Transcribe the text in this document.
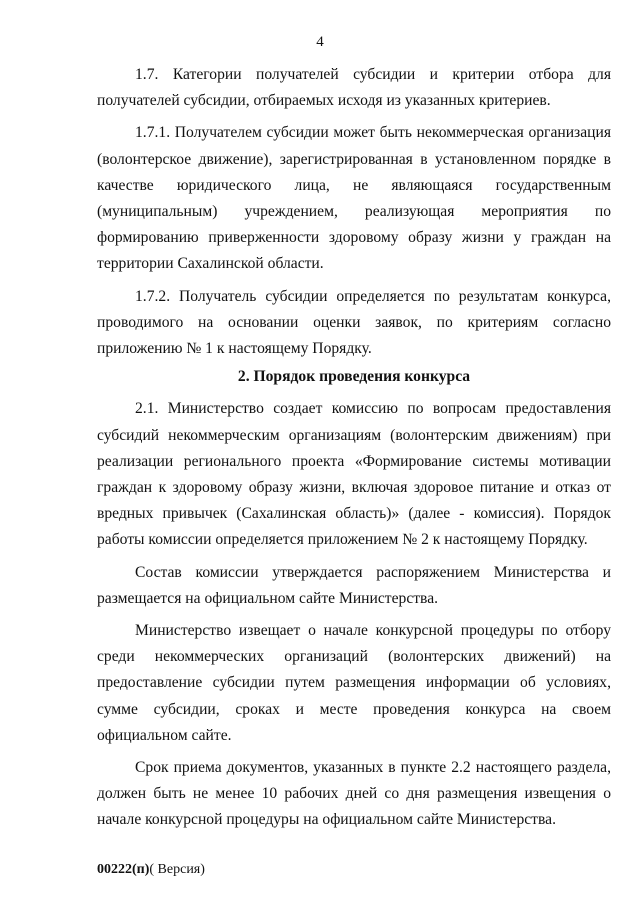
4

1.7. Категории получателей субсидии и критерии отбора для получателей субсидии, отбираемых исходя из указанных критериев.

1.7.1. Получателем субсидии может быть некоммерческая организация (волонтерское движение), зарегистрированная в установленном порядке в качестве юридического лица, не являющаяся государственным (муниципальным) учреждением, реализующая мероприятия по формированию приверженности здоровому образу жизни у граждан на территории Сахалинской области.

1.7.2. Получатель субсидии определяется по результатам конкурса, проводимого на основании оценки заявок, по критериям согласно приложению № 1 к настоящему Порядку.

2. Порядок проведения конкурса

2.1. Министерство создает комиссию по вопросам предоставления субсидий некоммерческим организациям (волонтерским движениям) при реализации регионального проекта «Формирование системы мотивации граждан к здоровому образу жизни, включая здоровое питание и отказ от вредных привычек (Сахалинская область)» (далее - комиссия). Порядок работы комиссии определяется приложением № 2 к настоящему Порядку.

Состав комиссии утверждается распоряжением Министерства и размещается на официальном сайте Министерства.

Министерство извещает о начале конкурсной процедуры по отбору среди некоммерческих организаций (волонтерских движений) на предоставление субсидии путем размещения информации об условиях, сумме субсидии, сроках и месте проведения конкурса на своем официальном сайте.

Срок приема документов, указанных в пункте 2.2 настоящего раздела, должен быть не менее 10 рабочих дней со дня размещения извещения о начале конкурсной процедуры на официальном сайте Министерства.

00222(п)( Версия)
